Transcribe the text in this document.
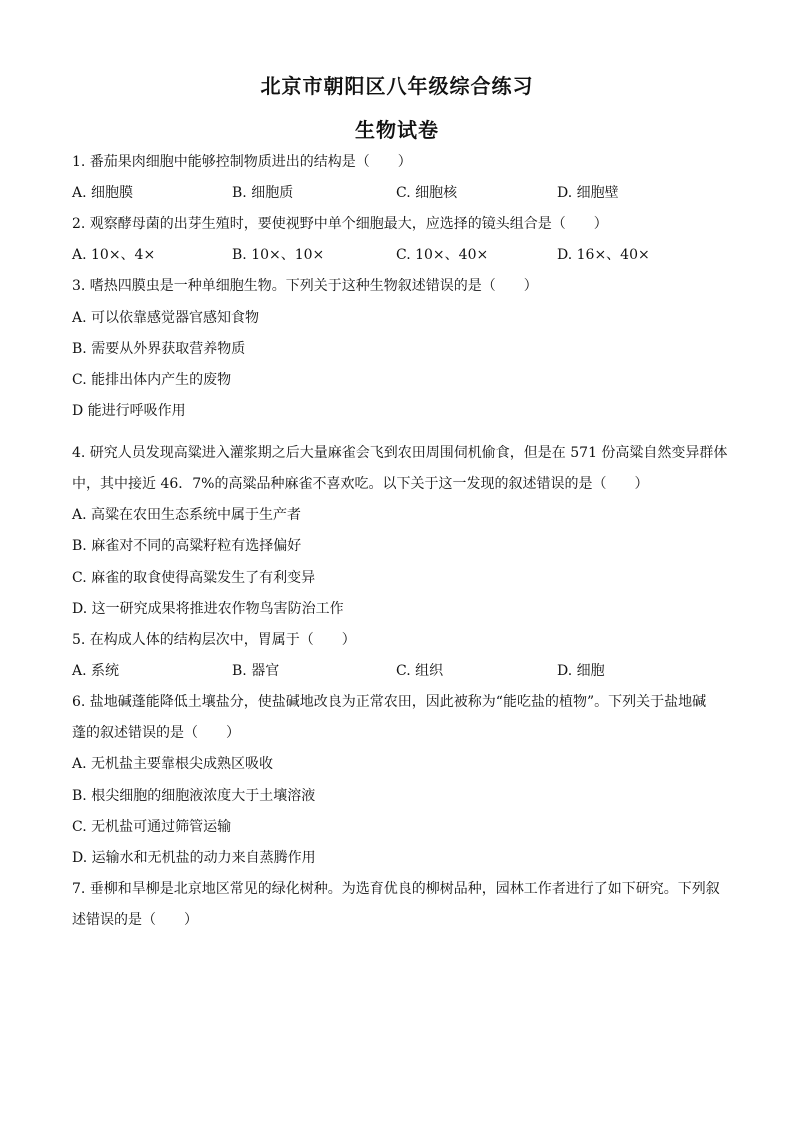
北京市朝阳区八年级综合练习
生物试卷
1. 番茄果肉细胞中能够控制物质进出的结构是（　　）
A. 细胞膜	B. 细胞质	C. 细胞核	D. 细胞壁
2. 观察酵母菌的出芽生殖时，要使视野中单个细胞最大，应选择的镜头组合是（　　）
A. 10×、4×	B. 10×、10×	C. 10×、40×	D. 16×、40×
3. 嗜热四膜虫是一种单细胞生物。下列关于这种生物叙述错误的是（　　）
A. 可以依靠感觉器官感知食物
B. 需要从外界获取营养物质
C. 能排出体内产生的废物
D 能进行呼吸作用
4. 研究人员发现高粱进入灌浆期之后大量麻雀会飞到农田周围伺机偷食，但是在 571 份高粱自然变异群体
中，其中接近 46．7%的高粱品种麻雀不喜欢吃。以下关于这一发现的叙述错误的是（　　）
A. 高粱在农田生态系统中属于生产者
B. 麻雀对不同的高粱籽粒有选择偏好
C. 麻雀的取食使得高粱发生了有利变异
D. 这一研究成果将推进农作物鸟害防治工作
5. 在构成人体的结构层次中，胃属于（　　）
A. 系统	B. 器官	C. 组织	D. 细胞
6. 盐地碱蓬能降低土壤盐分，使盐碱地改良为正常农田，因此被称为“能吃盐的植物”。下列关于盐地碱
蓬的叙述错误的是（　　）
A. 无机盐主要靠根尖成熟区吸收
B. 根尖细胞的细胞液浓度大于土壤溶液
C. 无机盐可通过筛管运输
D. 运输水和无机盐的动力来自蒸腾作用
7. 垂柳和旱柳是北京地区常见的绿化树种。为选育优良的柳树品种，园林工作者进行了如下研究。下列叙
述错误的是（　　）
